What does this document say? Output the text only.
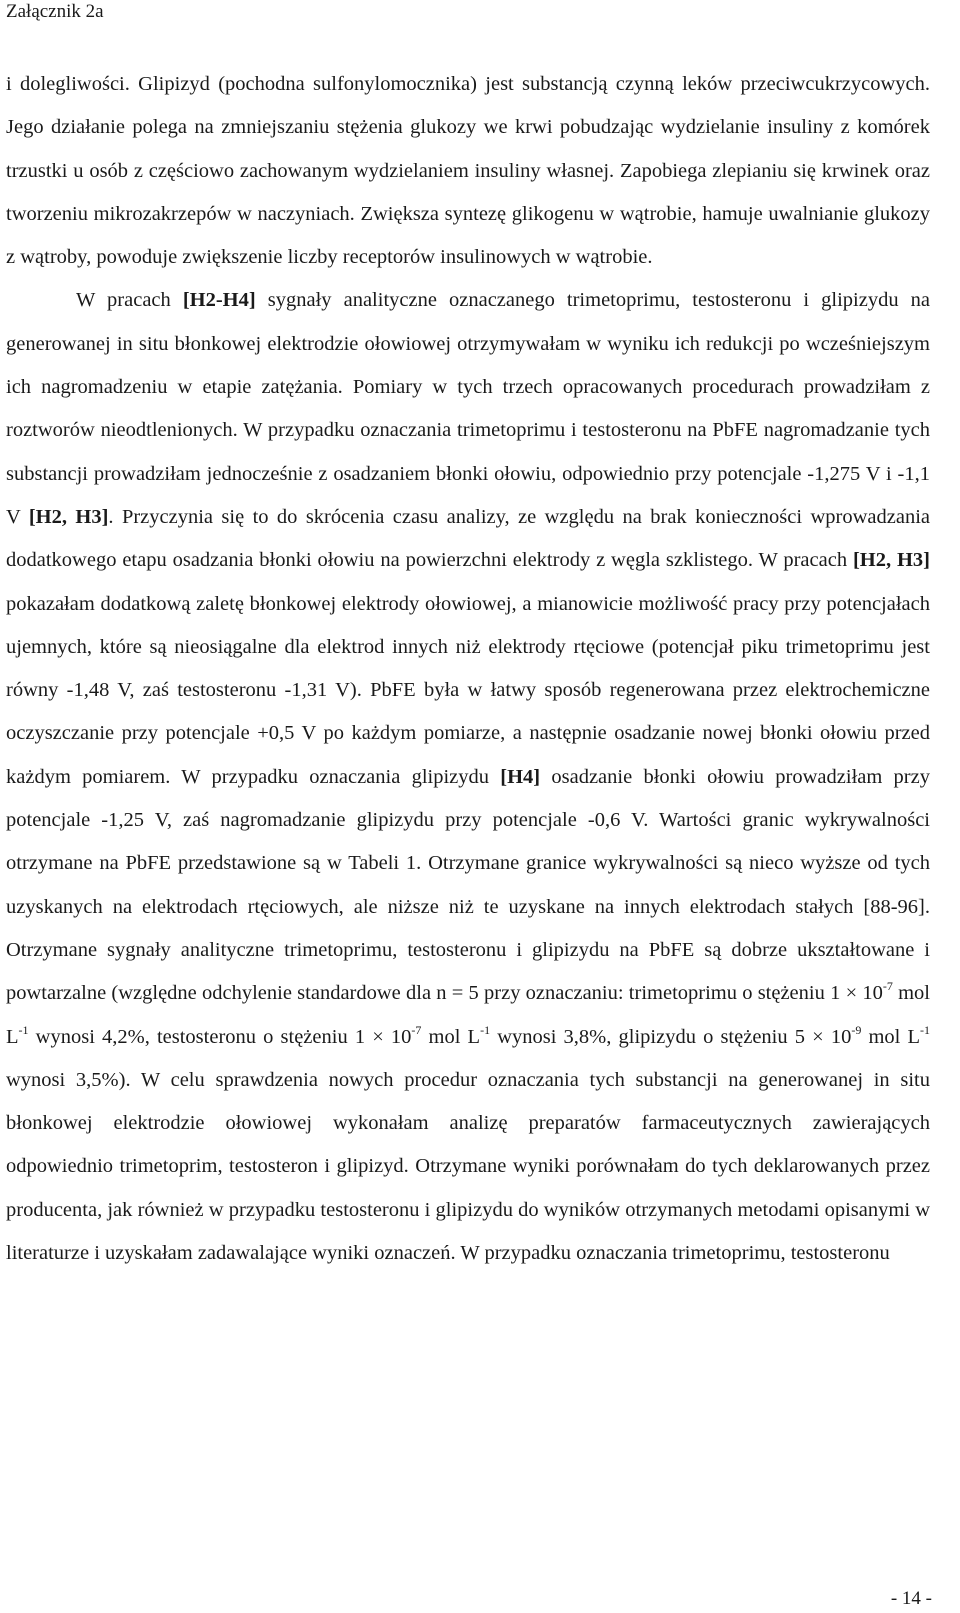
Załącznik 2a

i dolegliwości. Glipizyd (pochodna sulfonylomocznika) jest substancją czynną leków przeciwcukrzycowych. Jego działanie polega na zmniejszaniu stężenia glukozy we krwi pobudzając wydzielanie insuliny z komórek trzustki u osób z częściowo zachowanym wydzielaniem insuliny własnej. Zapobiega zlepianiu się krwinek oraz tworzeniu mikrozakrzepów w naczyniach. Zwiększa syntezę glikogenu w wątrobie, hamuje uwalnianie glukozy z wątroby, powoduje zwiększenie liczby receptorów insulinowych w wątrobie.

W pracach [H2-H4] sygnały analityczne oznaczanego trimetoprimu, testosteronu i glipizydu na generowanej in situ błonkowej elektrodzie ołowiowej otrzymywałam w wyniku ich redukcji po wcześniejszym ich nagromadzeniu w etapie zatężania. Pomiary w tych trzech opracowanych procedurach prowadziłam z roztworów nieodtlenionych. W przypadku oznaczania trimetoprimu i testosteronu na PbFE nagromadzanie tych substancji prowadziłam jednocześnie z osadzaniem błonki ołowiu, odpowiednio przy potencjale -1,275 V i -1,1 V [H2, H3]. Przyczynia się to do skrócenia czasu analizy, ze względu na brak konieczności wprowadzania dodatkowego etapu osadzania błonki ołowiu na powierzchni elektrody z węgla szklistego. W pracach [H2, H3] pokazałam dodatkową zaletę błonkowej elektrody ołowiowej, a mianowicie możliwość pracy przy potencjałach ujemnych, które są nieosiągalne dla elektrod innych niż elektrody rtęciowe (potencjał piku trimetoprimu jest równy -1,48 V, zaś testosteronu -1,31 V). PbFE była w łatwy sposób regenerowana przez elektrochemiczne oczyszczanie przy potencjale +0,5 V po każdym pomiarze, a następnie osadzanie nowej błonki ołowiu przed każdym pomiarem. W przypadku oznaczania glipizydu [H4] osadzanie błonki ołowiu prowadziłam przy potencjale -1,25 V, zaś nagromadzanie glipizydu przy potencjale -0,6 V. Wartości granic wykrywalności otrzymane na PbFE przedstawione są w Tabeli 1. Otrzymane granice wykrywalności są nieco wyższe od tych uzyskanych na elektrodach rtęciowych, ale niższe niż te uzyskane na innych elektrodach stałych [88-96]. Otrzymane sygnały analityczne trimetoprimu, testosteronu i glipizydu na PbFE są dobrze ukształtowane i powtarzalne (względne odchylenie standardowe dla n = 5 przy oznaczaniu: trimetoprimu o stężeniu $1 \times 10^{-7}$ mol $L^{-1}$ wynosi 4,2%, testosteronu o stężeniu $1 \times 10^{-7}$ mol $L^{-1}$ wynosi 3,8%, glipizydu o stężeniu $5 \times 10^{-9}$ mol $L^{-1}$ wynosi 3,5%). W celu sprawdzenia nowych procedur oznaczania tych substancji na generowanej in situ błonkowej elektrodzie ołowiowej wykonałam analizę preparatów farmaceutycznych zawierających odpowiednio trimetoprim, testosteron i glipizyd. Otrzymane wyniki porównałam do tych deklarowanych przez producenta, jak również w przypadku testosteronu i glipizydu do wyników otrzymanych metodami opisanymi w literaturze i uzyskałam zadawalające wyniki oznaczeń. W przypadku oznaczania trimetoprimu, testosteronu

- 14 -
